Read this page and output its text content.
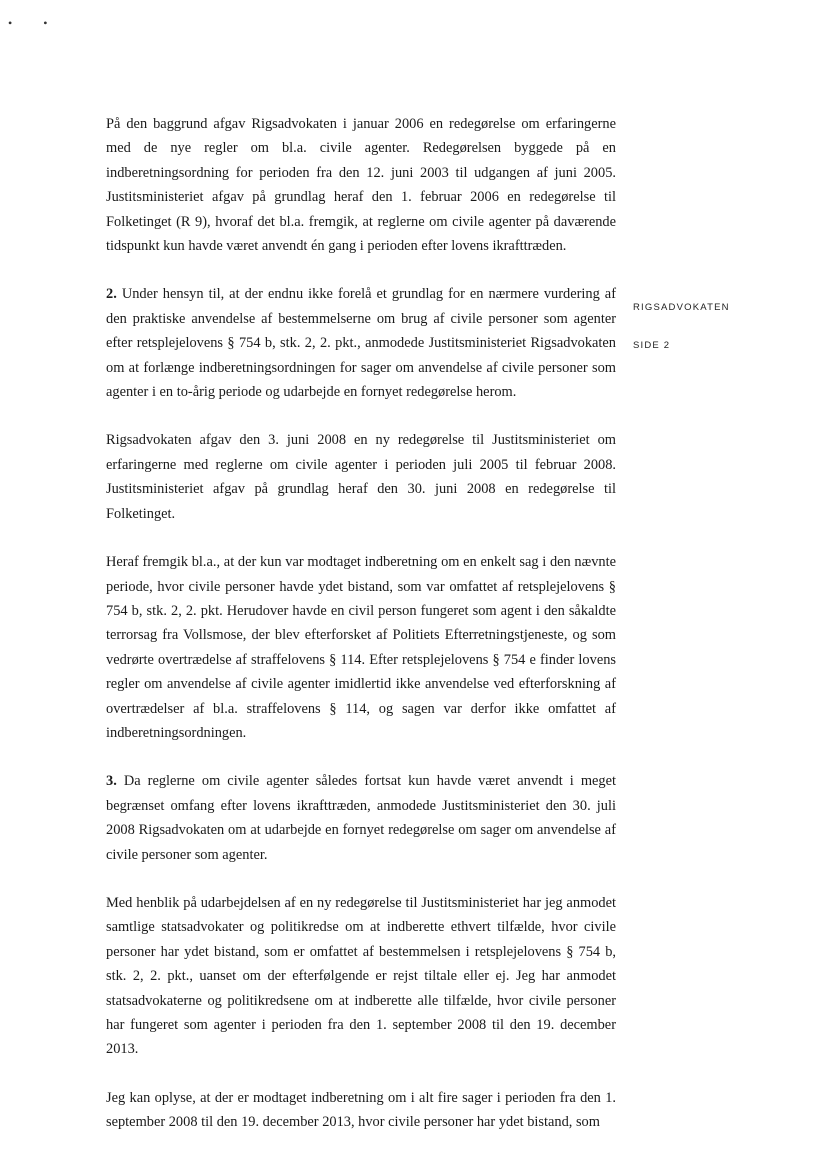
• •

På den baggrund afgav Rigsadvokaten i januar 2006 en redegørelse om erfaringerne med de nye regler om bl.a. civile agenter. Redegørelsen byggede på en indberetningsordning for perioden fra den 12. juni 2003 til udgangen af juni 2005. Justitsministeriet afgav på grundlag heraf den 1. februar 2006 en redegørelse til Folketinget (R 9), hvoraf det bl.a. fremgik, at reglerne om civile agenter på daværende tidspunkt kun havde været anvendt én gang i perioden efter lovens ikrafttræden.

2. Under hensyn til, at der endnu ikke forelå et grundlag for en nærmere vurdering af den praktiske anvendelse af bestemmelserne om brug af civile personer som agenter efter retsplejelovens § 754 b, stk. 2, 2. pkt., anmodede Justitsministeriet Rigsadvokaten om at forlænge indberetningsordningen for sager om anvendelse af civile personer som agenter i en to-årig periode og udarbejde en fornyet redegørelse herom.

Rigsadvokaten afgav den 3. juni 2008 en ny redegørelse til Justitsministeriet om erfaringerne med reglerne om civile agenter i perioden juli 2005 til februar 2008. Justitsministeriet afgav på grundlag heraf den 30. juni 2008 en redegørelse til Folketinget.

Heraf fremgik bl.a., at der kun var modtaget indberetning om en enkelt sag i den nævnte periode, hvor civile personer havde ydet bistand, som var omfattet af retsplejelovens § 754 b, stk. 2, 2. pkt. Herudover havde en civil person fungeret som agent i den såkaldte terrorsag fra Vollsmose, der blev efterforsket af Politiets Efterretningstjeneste, og som vedrørte overtrædelse af straffelovens § 114. Efter retsplejelovens § 754 e finder lovens regler om anvendelse af civile agenter imidlertid ikke anvendelse ved efterforskning af overtrædelser af bl.a. straffelovens § 114, og sagen var derfor ikke omfattet af indberetningsordningen.

3. Da reglerne om civile agenter således fortsat kun havde været anvendt i meget begrænset omfang efter lovens ikrafttræden, anmodede Justitsministeriet den 30. juli 2008 Rigsadvokaten om at udarbejde en fornyet redegørelse om sager om anvendelse af civile personer som agenter.

Med henblik på udarbejdelsen af en ny redegørelse til Justitsministeriet har jeg anmodet samtlige statsadvokater og politikredse om at indberette ethvert tilfælde, hvor civile personer har ydet bistand, som er omfattet af bestemmelsen i retsplejelovens § 754 b, stk. 2, 2. pkt., uanset om der efterfølgende er rejst tiltale eller ej. Jeg har anmodet statsadvokaterne og politikredsene om at indberette alle tilfælde, hvor civile personer har fungeret som agenter i perioden fra den 1. september 2008 til den 19. december 2013.

Jeg kan oplyse, at der er modtaget indberetning om i alt fire sager i perioden fra den 1. september 2008 til den 19. december 2013, hvor civile personer har ydet bistand, som

RIGSADVOKATEN
SIDE 2
